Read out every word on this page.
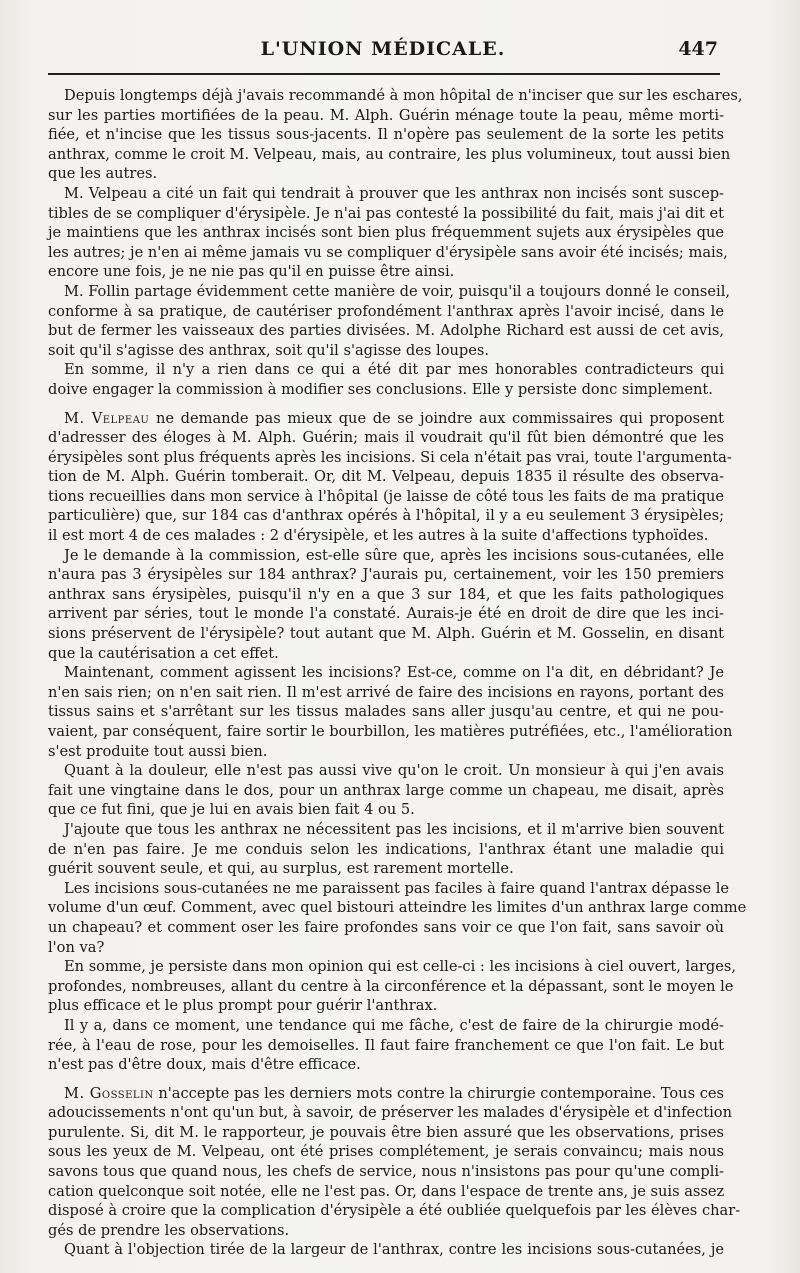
L'UNION MÉDICALE.	447
Depuis longtemps déjà j'avais recommandé à mon hôpital de n'inciser que sur les eschares,
sur les parties mortifiées de la peau. M. Alph. Guérin ménage toute la peau, même morti-
fiée, et n'incise que les tissus sous-jacents. Il n'opère pas seulement de la sorte les petits
anthrax, comme le croit M. Velpeau, mais, au contraire, les plus volumineux, tout aussi bien
que les autres.
M. Velpeau a cité un fait qui tendrait à prouver que les anthrax non incisés sont suscep-
tibles de se compliquer d'érysipèle. Je n'ai pas contesté la possibilité du fait, mais j'ai dit et
je maintiens que les anthrax incisés sont bien plus fréquemment sujets aux érysipèles que
les autres; je n'en ai même jamais vu se compliquer d'érysipèle sans avoir été incisés; mais,
encore une fois, je ne nie pas qu'il en puisse être ainsi.
M. Follin partage évidemment cette manière de voir, puisqu'il a toujours donné le conseil,
conforme à sa pratique, de cautériser profondément l'anthrax après l'avoir incisé, dans le
but de fermer les vaisseaux des parties divisées. M. Adolphe Richard est aussi de cet avis,
soit qu'il s'agisse des anthrax, soit qu'il s'agisse des loupes.
En somme, il n'y a rien dans ce qui a été dit par mes honorables contradicteurs qui
doive engager la commission à modifier ses conclusions. Elle y persiste donc simplement.
M. Velpeau ne demande pas mieux que de se joindre aux commissaires qui proposent
d'adresser des éloges à M. Alph. Guérin; mais il voudrait qu'il fût bien démontré que les
érysipèles sont plus fréquents après les incisions. Si cela n'était pas vrai, toute l'argumenta-
tion de M. Alph. Guérin tomberait. Or, dit M. Velpeau, depuis 1835 il résulte des observa-
tions recueillies dans mon service à l'hôpital (je laisse de côté tous les faits de ma pratique
particulière) que, sur 184 cas d'anthrax opérés à l'hôpital, il y a eu seulement 3 érysipèles;
il est mort 4 de ces malades : 2 d'érysipèle, et les autres à la suite d'affections typhoïdes.
Je le demande à la commission, est-elle sûre que, après les incisions sous-cutanées, elle
n'aura pas 3 érysipèles sur 184 anthrax? J'aurais pu, certainement, voir les 150 premiers
anthrax sans érysipèles, puisqu'il n'y en a que 3 sur 184, et que les faits pathologiques
arrivent par séries, tout le monde l'a constaté. Aurais-je été en droit de dire que les inci-
sions préservent de l'érysipèle? tout autant que M. Alph. Guérin et M. Gosselin, en disant
que la cautérisation a cet effet.
Maintenant, comment agissent les incisions? Est-ce, comme on l'a dit, en débridant? Je
n'en sais rien; on n'en sait rien. Il m'est arrivé de faire des incisions en rayons, portant des
tissus sains et s'arrêtant sur les tissus malades sans aller jusqu'au centre, et qui ne pou-
vaient, par conséquent, faire sortir le bourbillon, les matières putréfiées, etc., l'amélioration
s'est produite tout aussi bien.
Quant à la douleur, elle n'est pas aussi vive qu'on le croit. Un monsieur à qui j'en avais
fait une vingtaine dans le dos, pour un anthrax large comme un chapeau, me disait, après
que ce fut fini, que je lui en avais bien fait 4 ou 5.
J'ajoute que tous les anthrax ne nécessitent pas les incisions, et il m'arrive bien souvent
de n'en pas faire. Je me conduis selon les indications, l'anthrax étant une maladie qui
guérit souvent seule, et qui, au surplus, est rarement mortelle.
Les incisions sous-cutanées ne me paraissent pas faciles à faire quand l'antrax dépasse le
volume d'un œuf. Comment, avec quel bistouri atteindre les limites d'un anthrax large comme
un chapeau? et comment oser les faire profondes sans voir ce que l'on fait, sans savoir où
l'on va?
En somme, je persiste dans mon opinion qui est celle-ci : les incisions à ciel ouvert, larges,
profondes, nombreuses, allant du centre à la circonférence et la dépassant, sont le moyen le
plus efficace et le plus prompt pour guérir l'anthrax.
Il y a, dans ce moment, une tendance qui me fâche, c'est de faire de la chirurgie modé-
rée, à l'eau de rose, pour les demoiselles. Il faut faire franchement ce que l'on fait. Le but
n'est pas d'être doux, mais d'être efficace.
M. Gosselin n'accepte pas les derniers mots contre la chirurgie contemporaine. Tous ces
adoucissements n'ont qu'un but, à savoir, de préserver les malades d'érysipèle et d'infection
purulente. Si, dit M. le rapporteur, je pouvais être bien assuré que les observations, prises
sous les yeux de M. Velpeau, ont été prises complétement, je serais convaincu; mais nous
savons tous que quand nous, les chefs de service, nous n'insistons pas pour qu'une compli-
cation quelconque soit notée, elle ne l'est pas. Or, dans l'espace de trente ans, je suis assez
disposé à croire que la complication d'érysipèle a été oubliée quelquefois par les élèves char-
gés de prendre les observations.
Quant à l'objection tirée de la largeur de l'anthrax, contre les incisions sous-cutanées, je
